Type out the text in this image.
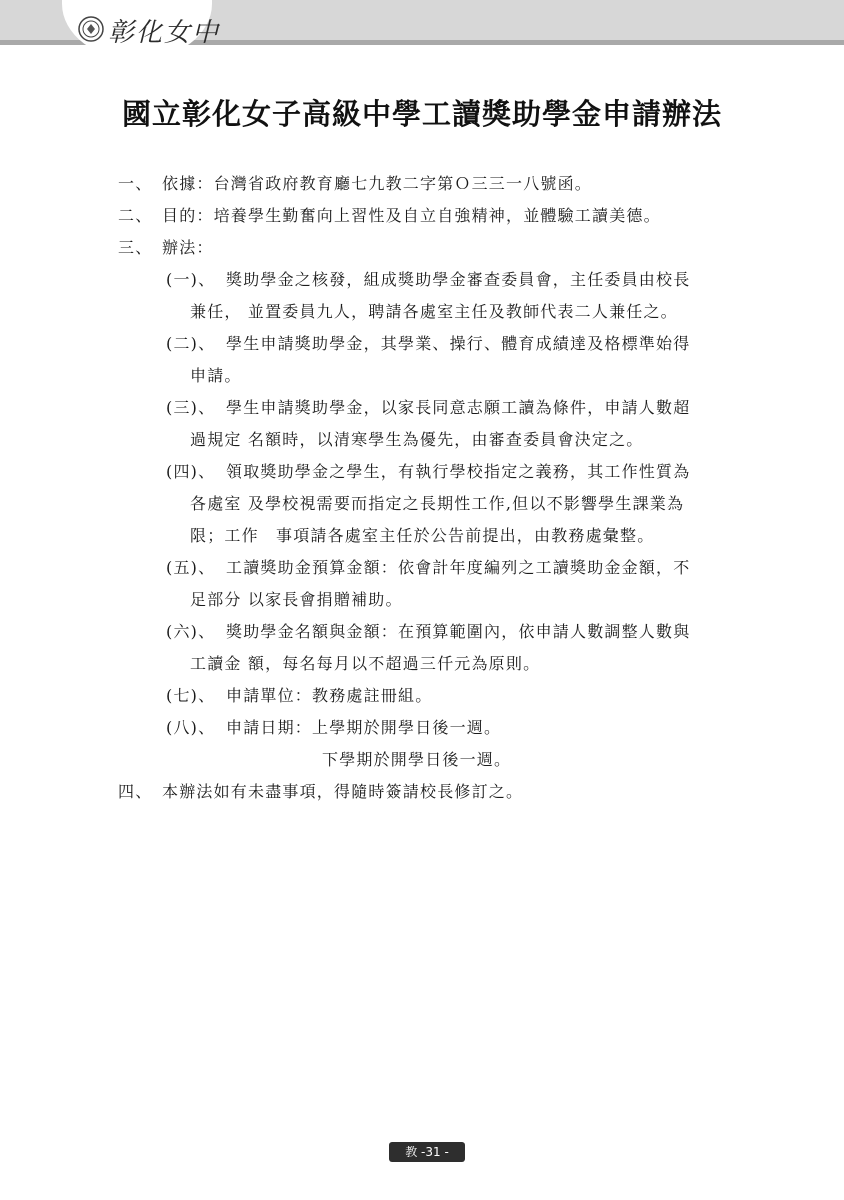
彰化女中
國立彰化女子高級中學工讀獎助學金申請辦法
一、 依據：台灣省政府教育廳七九教二字第Ｏ三三一八號函。
二、 目的：培養學生勤奮向上習性及自立自強精神，並體驗工讀美德。
三、 辦法：
(一)、 獎助學金之核發，組成獎助學金審查委員會，主任委員由校長
兼任， 並置委員九人，聘請各處室主任及教師代表二人兼任之。
(二)、 學生申請獎助學金，其學業、操行、體育成績達及格標準始得
申請。
(三)、 學生申請獎助學金，以家長同意志願工讀為條件，申請人數超
過規定 名額時，以清寒學生為優先，由審查委員會決定之。
(四)、 領取獎助學金之學生，有執行學校指定之義務，其工作性質為
各處室 及學校視需要而指定之長期性工作,但以不影響學生課業為
限；工作　事項請各處室主任於公告前提出，由教務處彙整。
(五)、 工讀獎助金預算金額：依會計年度編列之工讀獎助金金額，不
足部分 以家長會捐贈補助。
(六)、 獎助學金名額與金額：在預算範圍內，依申請人數調整人數與
工讀金 額，每名每月以不超過三仟元為原則。
(七)、 申請單位：教務處註冊組。
(八)、 申請日期：上學期於開學日後一週。
下學期於開學日後一週。
四、 本辦法如有未盡事項，得隨時簽請校長修訂之。
教 -31 -
